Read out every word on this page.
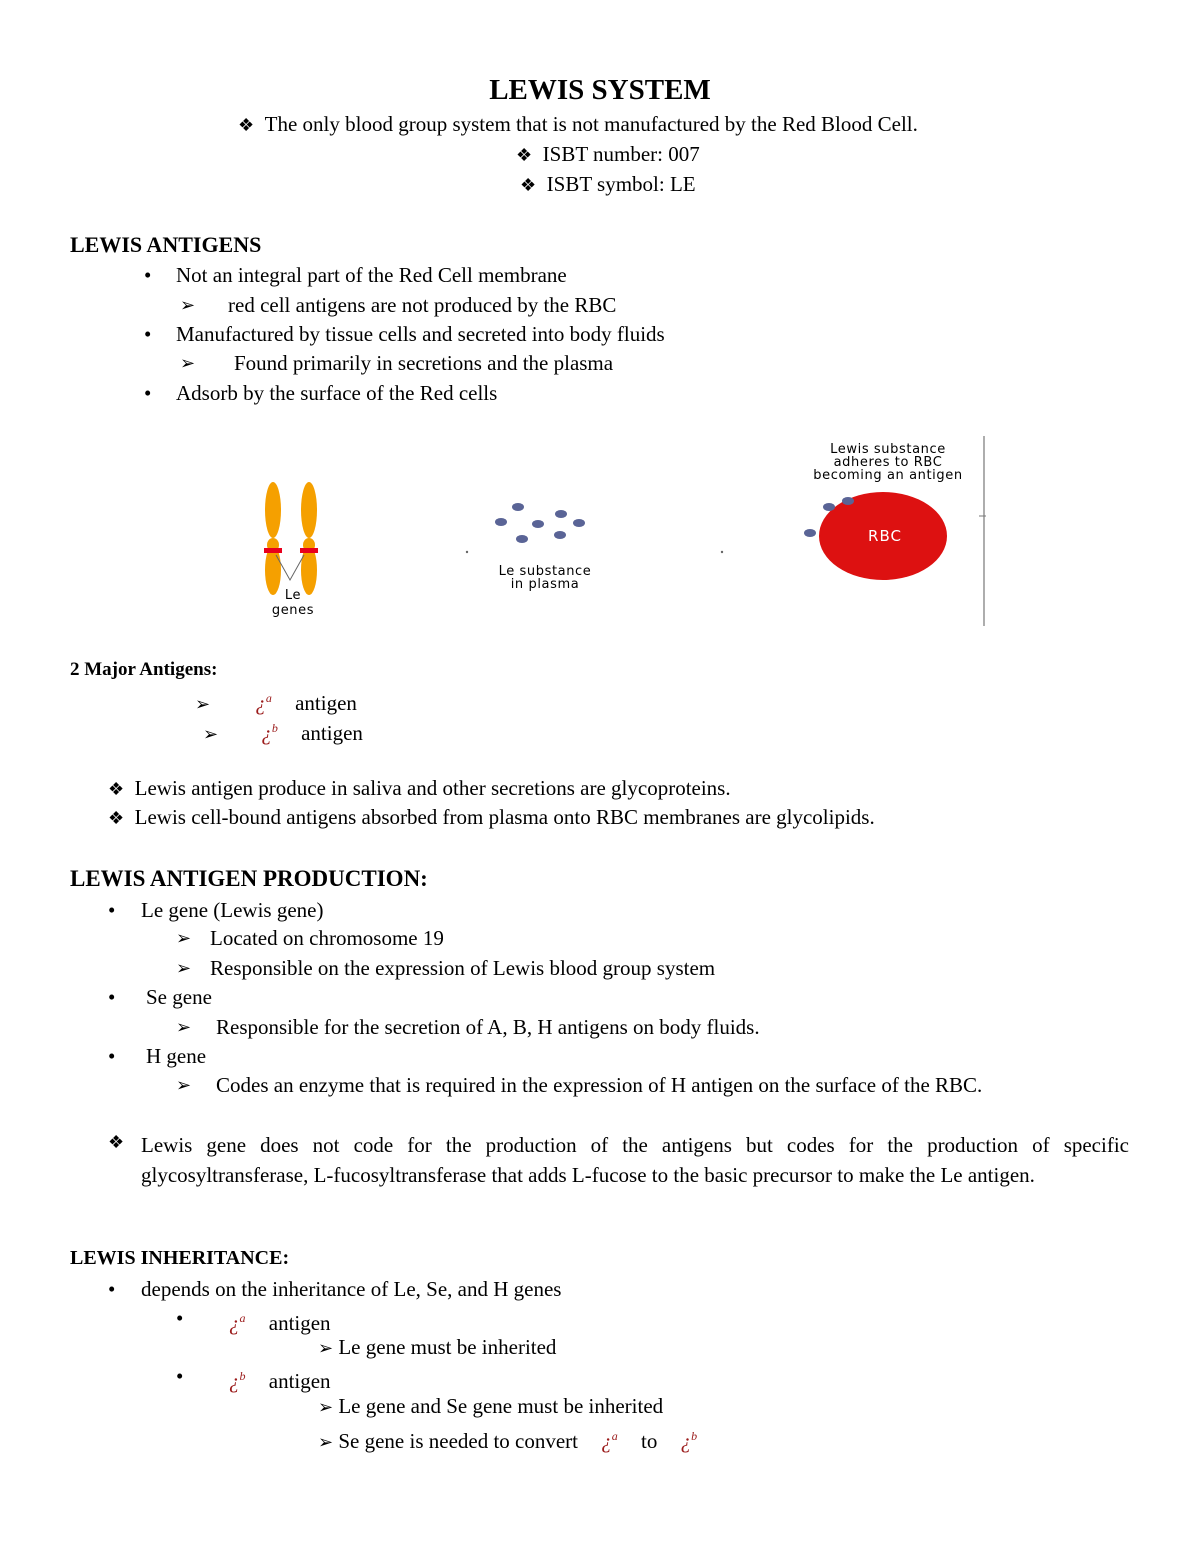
LEWIS SYSTEM
❖ The only blood group system that is not manufactured by the Red Blood Cell.
❖ ISBT number: 007
❖ ISBT symbol: LE
LEWIS ANTIGENS
• Not an integral part of the Red Cell membrane
➢ red cell antigens are not produced by the RBC
• Manufactured by tissue cells and secreted into body fluids
➢ Found primarily in secretions and the plasma
• Adsorb by the surface of the Red cells
Le
genes
Le substance
in plasma
Lewis substance
adheres to RBC
becoming an antigen
RBC
2 Major Antigens:
➢ ¿$^a$ antigen
➢ ¿$^b$ antigen
❖ Lewis antigen produce in saliva and other secretions are glycoproteins.
❖ Lewis cell-bound antigens absorbed from plasma onto RBC membranes are glycolipids.
LEWIS ANTIGEN PRODUCTION:
• Le gene (Lewis gene)
➢ Located on chromosome 19
➢ Responsible on the expression of Lewis blood group system
• Se gene
➢ Responsible for the secretion of A, B, H antigens on body fluids.
• H gene
➢ Codes an enzyme that is required in the expression of H antigen on the surface of the RBC.
❖ Lewis gene does not code for the production of the antigens but codes for the production of specific glycosyltransferase, L-fucosyltransferase that adds L-fucose to the basic precursor to make the Le antigen.
LEWIS INHERITANCE:
• depends on the inheritance of Le, Se, and H genes
• ¿$^a$ antigen
➢ Le gene must be inherited
• ¿$^b$ antigen
➢ Le gene and Se gene must be inherited
➢ Se gene is needed to convert ¿$^a$ to ¿$^b$
